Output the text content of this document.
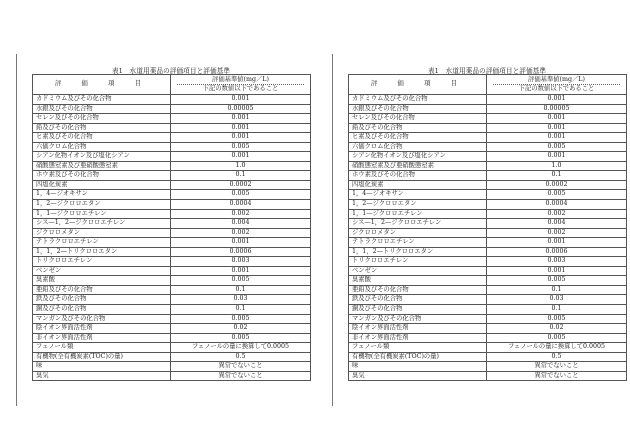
表1　水道用薬品の評価項目と評価基準
評　価　項　目	評価基準値(mg／L)
下記の数値以下であること

カドミウム及びその化合物	0.001
水銀及びその化合物	0.00005
セレン及びその化合物	0.001
鉛及びその化合物	0.001
ヒ素及びその化合物	0.001
六価クロム化合物	0.005
シアン化物イオン及び塩化シアン	0.001
硝酸態窒素及び亜硝酸態窒素	1.0
ホウ素及びその化合物	0.1
四塩化炭素	0.0002
1，4—ジオキサン	0.005
1，2—ジクロロエタン	0.0004
1，1—ジクロロエチレン	0.002
シス—1，2—ジクロロエチレン	0.004
ジクロロメタン	0.002
テトラクロロエチレン	0.001
1，1，2—トリクロロエタン	0.0006
トリクロロエチレン	0.003
ベンゼン	0.001
臭素酸	0.005
亜鉛及びその化合物	0.1
鉄及びその化合物	0.03
銅及びその化合物	0.1
マンガン及びその化合物	0.005
陰イオン界面活性剤	0.02
非イオン界面活性剤	0.005
フェノール類	フェノールの量に換算して0.0005
有機物(全有機炭素(TOC)の量)	0.5
味	異常でないこと
臭気	異常でないこと
表1　水道用薬品の評価項目と評価基準
評　価　項　目	評価基準値(mg／L)
下記の数値以下であること

カドミウム及びその化合物	0.001
水銀及びその化合物	0.00005
セレン及びその化合物	0.001
鉛及びその化合物	0.001
ヒ素及びその化合物	0.001
六価クロム化合物	0.005
シアン化物イオン及び塩化シアン	0.001
硝酸態窒素及び亜硝酸態窒素	1.0
ホウ素及びその化合物	0.1
四塩化炭素	0.0002
1，4—ジオキサン	0.005
1，2—ジクロロエタン	0.0004
1，1—ジクロロエチレン	0.002
シス—1，2—ジクロロエチレン	0.004
ジクロロメタン	0.002
テトラクロロエチレン	0.001
1，1，2—トリクロロエタン	0.0006
トリクロロエチレン	0.003
ベンゼン	0.001
臭素酸	0.005
亜鉛及びその化合物	0.1
鉄及びその化合物	0.03
銅及びその化合物	0.1
マンガン及びその化合物	0.005
陰イオン界面活性剤	0.02
非イオン界面活性剤	0.005
フェノール類	フェノールの量に換算して0.0005
有機物(全有機炭素(TOC)の量)	0.5
味	異常でないこと
臭気	異常でないこと
